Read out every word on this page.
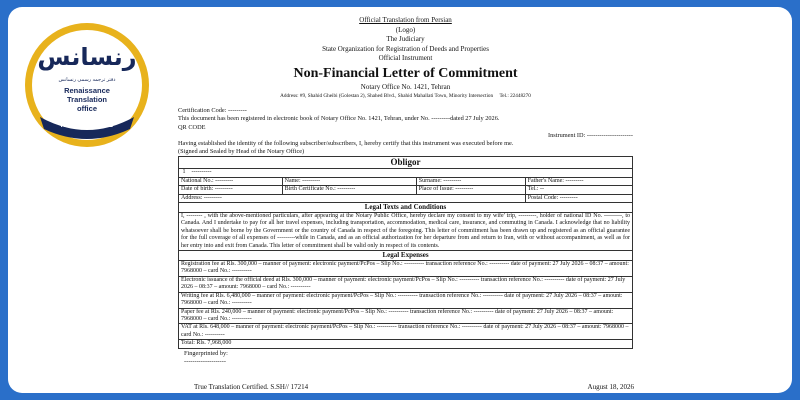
رنسانس
دفتر ترجمه رسمی رنسانس
Renaissance
Translation
office
RENAISSANCE
Official Translation from Persian
(Logo)
The Judiciary
State Organization for Registration of Deeds and Properties
Official Instrument
Non-Financial Letter of Commitment
Notary Office No. 1421, Tehran
Address: #9, Shahid Gheibi (Golestan 2), Shahed Blvd., Shahid Mahallati Town, Minority Intersection Tel.: 22448270
Certification Code: ---------
This document has been registered in electronic book of Notary Office No. 1421, Tehran, under No. ---------dated 27 July 2026.
QR CODE
Instrument ID: ----------------------
Having established the identity of the following subscriber/subscribers, I, hereby certify that this instrument was executed before me.
(Signed and Sealed by Head of the Notary Office)
Obligor			
1 ----------			
National No.: ---------	Name: ---------	Surname: ---------	Father's Name: ---------
Date of birth: ---------	Birth Certificate No.: ---------	Place of Issue: ---------	Tel.: --
Address: ---------			Postal Code: ---------
Legal Texts and Conditions			
I, -------- , with the above-mentioned particulars, after appearing at the Notary Public Office, hereby declare my consent to my wife' trip, ---------, holder of national ID No. ---------, to Canada. And I undertake to pay for all her travel expenses, including transportation, accommodation, medical care, insurance, and commuting in Canada. I acknowledge that no liability whatsoever shall be borne by the Government or the country of Canada in respect of the foregoing. This letter of commitment has been drawn up and registered as an official guarantee for the full coverage of all expenses of ---------while in Canada, and as an official authorization for her departure from and return to Iran, with or without accompaniment, as well as for her entry into and exit from Canada. This letter of commitment shall be valid only in respect of its contents.			
Legal Expenses			
Registration fee at Rls. 300,000 – manner of payment: electronic payment/PcPos – Slip No.: ---------- transaction reference No.: ---------- date of payment: 27 July 2026 – 08:37 – amount: 7968000 – card No.: ----------			
Electronic issuance of the official deed at Rls. 300,000 – manner of payment: electronic payment/PcPos – Slip No.: ---------- transaction reference No.: ---------- date of payment: 27 July 2026 – 08:37 – amount: 7968000 – card No.: ----------			
Writing fee at Rls. 6,480,000 – manner of payment: electronic payment/PcPos – Slip No.: ---------- transaction reference No.: ---------- date of payment: 27 July 2026 – 08:37 – amount: 7968000 – card No.: ----------			
Paper fee at Rls. 240,000 – manner of payment: electronic payment/PcPos – Slip No.: ---------- transaction reference No.: ---------- date of payment: 27 July 2026 – 08:37 – amount: 7968000 – card No.: ----------			
VAT at Rls. 648,000 – manner of payment: electronic payment/PcPos – Slip No.: ---------- transaction reference No.: ---------- date of payment: 27 July 2026 – 08:37 – amount: 7968000 – card No.: ----------			
Total: Rls. 7,968,000			
Fingerprinted by:
--------------------
True Translation Certified. S.SH// 17214	August 18, 2026
